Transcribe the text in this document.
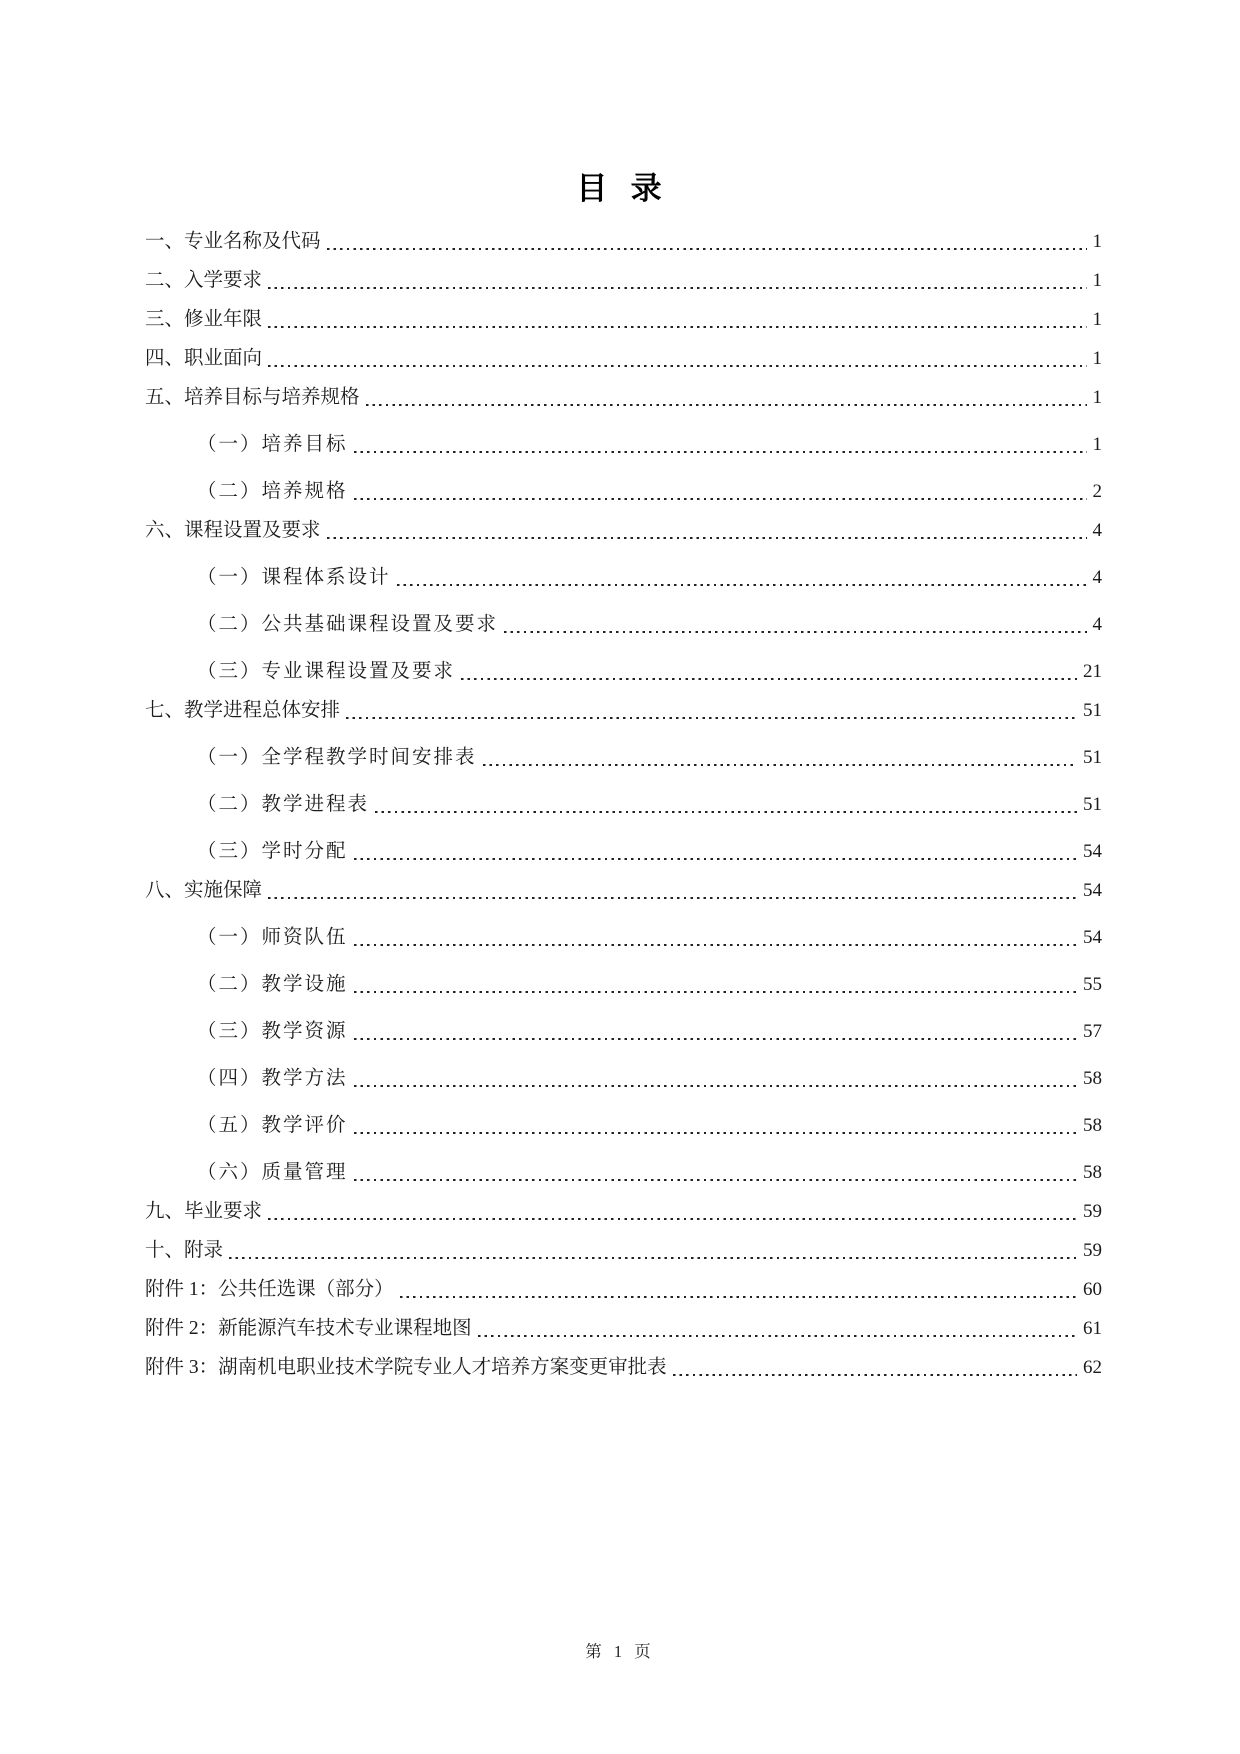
目  录
一、专业名称及代码	1
二、入学要求	1
三、修业年限	1
四、职业面向	1
五、培养目标与培养规格	1
（一）培养目标	1
（二）培养规格	2
六、课程设置及要求	4
（一）课程体系设计	4
（二）公共基础课程设置及要求	4
（三）专业课程设置及要求	21
七、教学进程总体安排	51
（一）全学程教学时间安排表	51
（二）教学进程表	51
（三）学时分配	54
八、实施保障	54
（一）师资队伍	54
（二）教学设施	55
（三）教学资源	57
（四）教学方法	58
（五）教学评价	58
（六）质量管理	58
九、毕业要求	59
十、附录	59
附件 1：公共任选课（部分）	60
附件 2：新能源汽车技术专业课程地图	61
附件 3：湖南机电职业技术学院专业人才培养方案变更审批表	62
第 1 页
